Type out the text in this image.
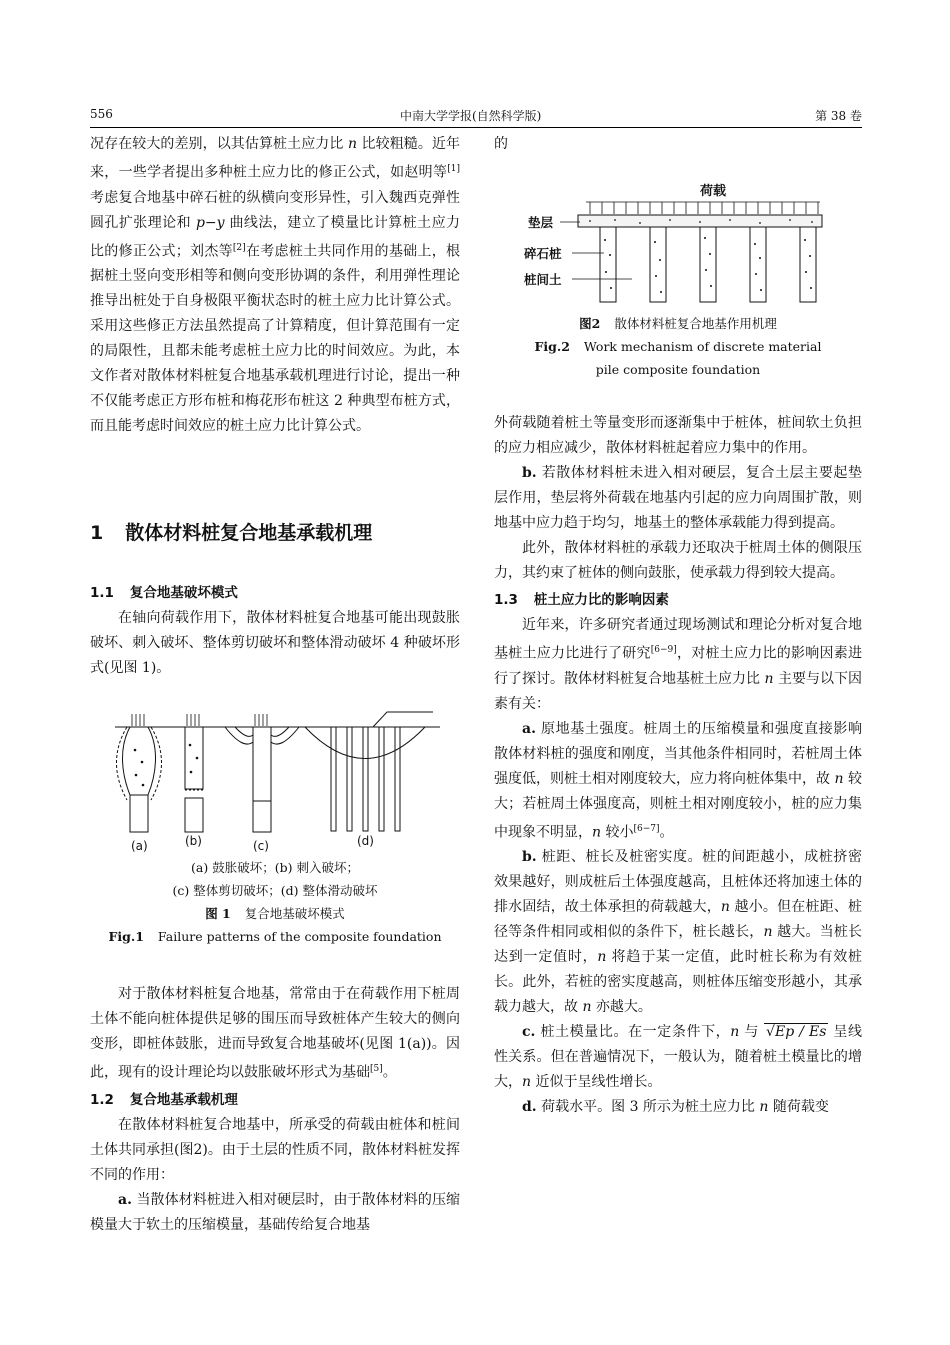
556	中南大学学报(自然科学版)	第 38 卷

况存在较大的差别，以其估算桩土应力比 n 比较粗糙。近年来，一些学者提出多种桩土应力比的修正公式，如赵明等[1]考虑复合地基中碎石桩的纵横向变形异性，引入魏西克弹性圆孔扩张理论和 p−y 曲线法，建立了模量比计算桩土应力比的修正公式；刘杰等[2]在考虑桩土共同作用的基础上，根据桩土竖向变形相等和侧向变形协调的条件，利用弹性理论推导出桩处于自身极限平衡状态时的桩土应力比计算公式。采用这些修正方法虽然提高了计算精度，但计算范围有一定的局限性，且都未能考虑桩土应力比的时间效应。为此，本文作者对散体材料桩复合地基承载机理进行讨论，提出一种不仅能考虑正方形布桩和梅花形布桩这 2 种典型布桩方式，而且能考虑时间效应的桩土应力比计算公式。

1 散体材料桩复合地基承载机理

1.1 复合地基破坏模式

在轴向荷载作用下，散体材料桩复合地基可能出现鼓胀破坏、刺入破坏、整体剪切破坏和整体滑动破坏 4 种破坏形式(见图 1)。

(a)	(b)	(c)	(d)
(a) 鼓胀破坏；(b) 刺入破坏；
(c) 整体剪切破坏；(d) 整体滑动破坏
图 1 复合地基破坏模式
Fig.1 Failure patterns of the composite foundation

对于散体材料桩复合地基，常常由于在荷载作用下桩周土体不能向桩体提供足够的围压而导致桩体产生较大的侧向变形，即桩体鼓胀，进而导致复合地基破坏(见图 1(a))。因此，现有的设计理论均以鼓胀破坏形式为基础[5]。

1.2 复合地基承载机理

在散体材料桩复合地基中，所承受的荷载由桩体和桩间土体共同承担(图2)。由于土层的性质不同，散体材料桩发挥不同的作用：

a. 当散体材料桩进入相对硬层时，由于散体材料的压缩模量大于软土的压缩模量，基础传给复合地基

的

荷载
垫层
碎石桩
桩间土
图2 散体材料桩复合地基作用机理
Fig.2 Work mechanism of discrete material
pile composite foundation

外荷载随着桩土等量变形而逐渐集中于桩体，桩间软土负担的应力相应减少，散体材料桩起着应力集中的作用。

b. 若散体材料桩未进入相对硬层，复合土层主要起垫层作用，垫层将外荷载在地基内引起的应力向周围扩散，则地基中应力趋于均匀，地基土的整体承载能力得到提高。

此外，散体材料桩的承载力还取决于桩周土体的侧限压力，其约束了桩体的侧向鼓胀，使承载力得到较大提高。

1.3 桩土应力比的影响因素

近年来，许多研究者通过现场测试和理论分析对复合地基桩土应力比进行了研究[6−9]，对桩土应力比的影响因素进行了探讨。散体材料桩复合地基桩土应力比 n 主要与以下因素有关：

a. 原地基土强度。桩周土的压缩模量和强度直接影响散体材料桩的强度和刚度，当其他条件相同时，若桩周土体强度低，则桩土相对刚度较大，应力将向桩体集中，故 n 较大；若桩周土体强度高，则桩土相对刚度较小，桩的应力集中现象不明显，n 较小[6−7]。

b. 桩距、桩长及桩密实度。桩的间距越小，成桩挤密效果越好，则成桩后土体强度越高，且桩体还将加速土体的排水固结，故土体承担的荷载越大，n 越小。但在桩距、桩径等条件相同或相似的条件下，桩长越长，n 越大。当桩长达到一定值时，n 将趋于某一定值，此时桩长称为有效桩长。此外，若桩的密实度越高，则桩体压缩变形越小，其承载力越大，故 n 亦越大。

c. 桩土模量比。在一定条件下，n 与 √Ep / Es 呈线性关系。但在普遍情况下，一般认为，随着桩土模量比的增大，n 近似于呈线性增长。

d. 荷载水平。图 3 所示为桩土应力比 n 随荷载变
